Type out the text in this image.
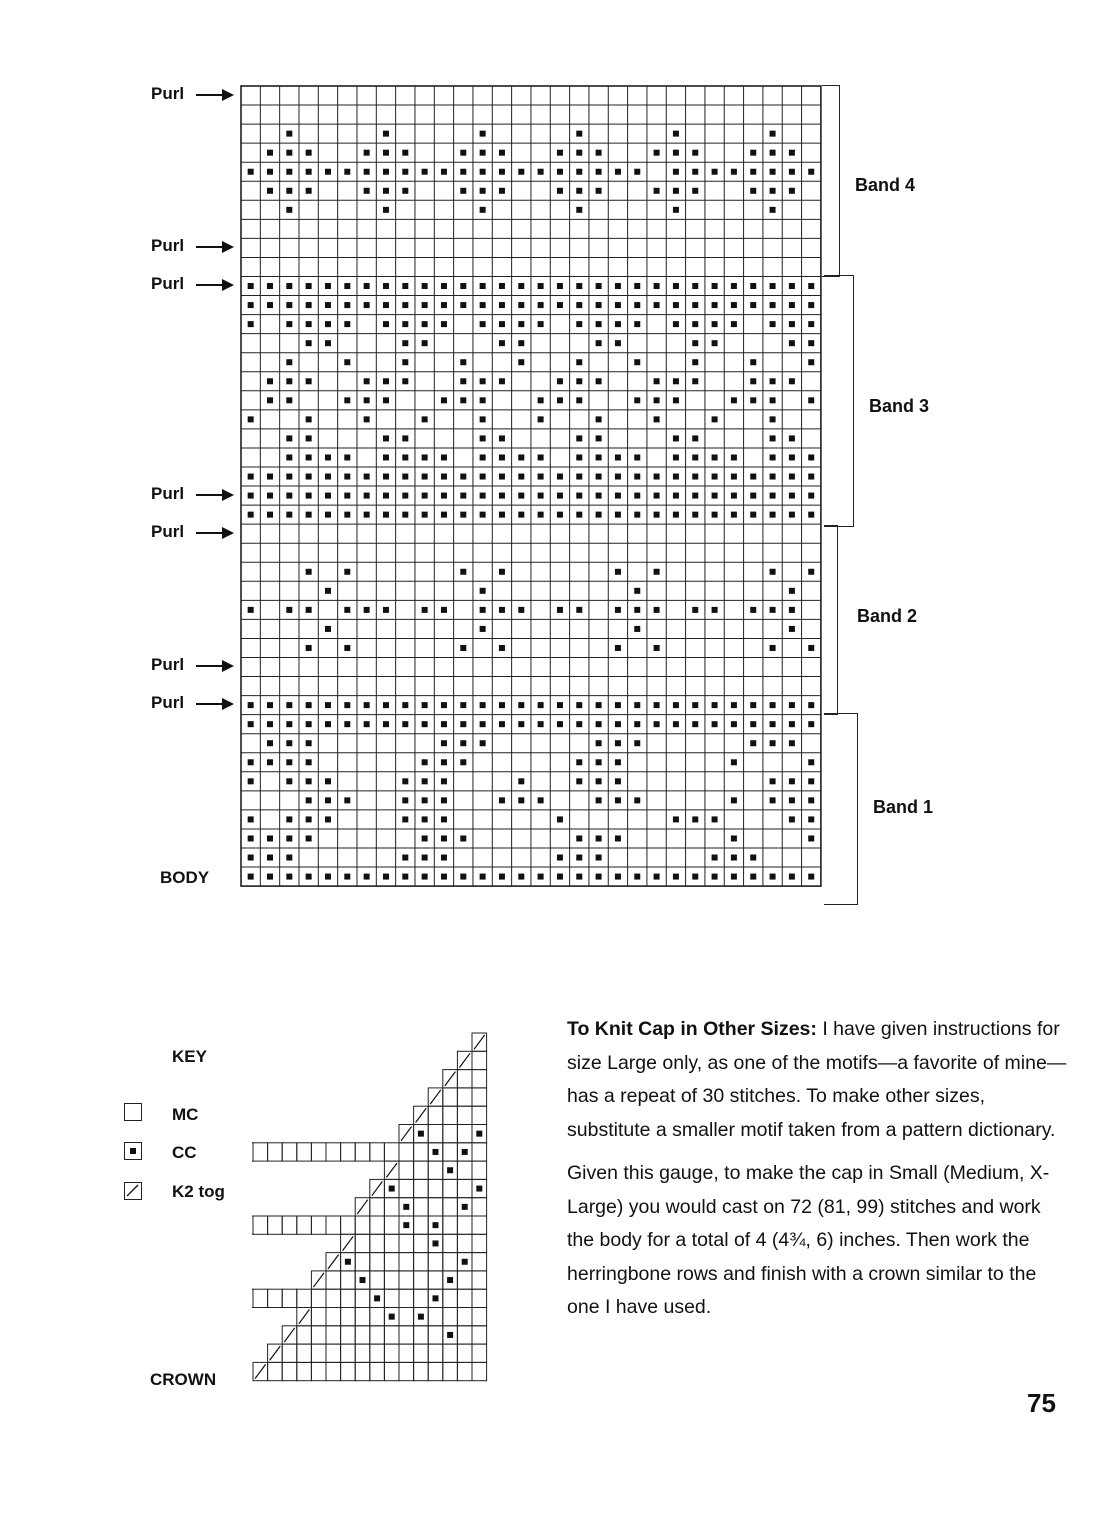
Purl
Purl
Purl
Purl
Purl
Purl
Purl
BODY
Band 4
Band 3
Band 2
Band 1
KEY
MC
CC
K2 tog
CROWN

To Knit Cap in Other Sizes: I have given instructions for size Large only, as one of the motifs—a favorite of mine—has a repeat of 30 stitches. To make other sizes, substitute a smaller motif taken from a pattern dictionary.

Given this gauge, to make the cap in Small (Medium, X-Large) you would cast on 72 (81, 99) stitches and work the body for a total of 4 (4¾, 6) inches. Then work the herringbone rows and finish with a crown similar to the one I have used.

75
